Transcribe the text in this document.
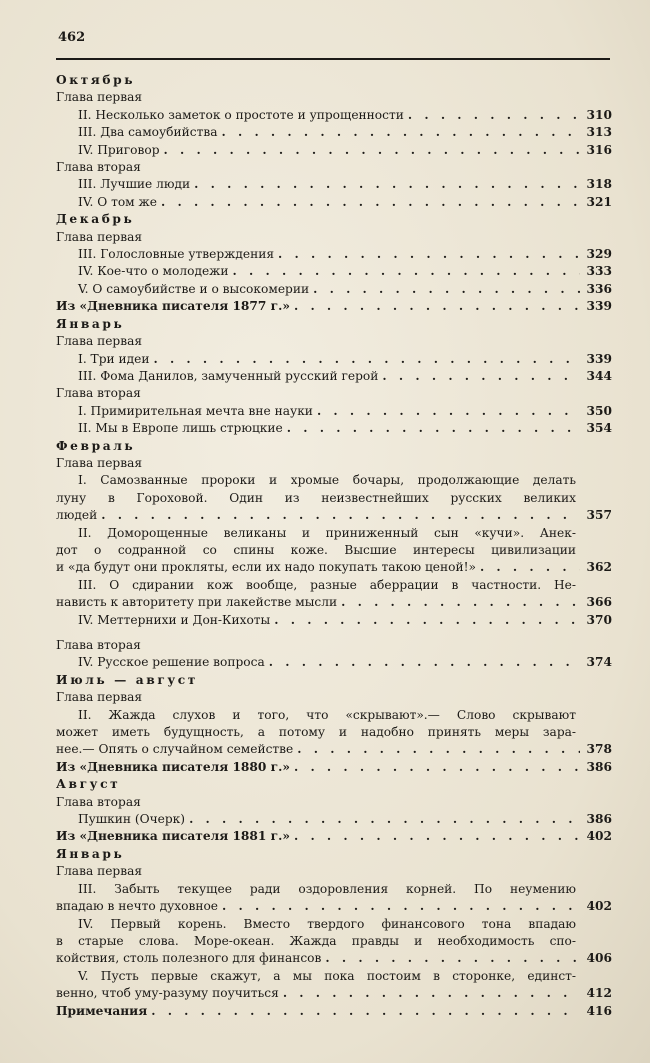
462
Октябрь
Глава первая
II. Несколько заметок о простоте и упрощенности . . .	310
III. Два самоубийства . . .	313
IV. Приговор . . .	316
Глава вторая
III. Лучшие люди . . .	318
IV. О том же . . .	321
Декабрь
Глава первая
III. Голословные утверждения . . .	329
IV. Кое-что о молодежи . . .	333
V. О самоубийстве и о высокомерии . . .	336
Из «Дневника писателя 1877 г.» . . .	339
Январь
Глава первая
I. Три идеи . . .	339
III. Фома Данилов, замученный русский герой . . .	344
Глава вторая
I. Примирительная мечта вне науки . . .	350
II. Мы в Европе лишь стрюцкие . . .	354
Февраль
Глава первая
I. Самозванные пророки и хромые бочары, продолжающие делать
луну в Гороховой. Один из неизвестнейших русских великих
людей . . .	357
II. Доморощенные великаны и приниженный сын «кучи». Анек-
дот о содранной со спины коже. Высшие интересы цивилизации
и «да будут они прокляты, если их надо покупать такою ценой!» . . .	362
III. О сдирании кож вообще, разные аберрации в частности. Не-
нависть к авторитету при лакействе мысли . . .	366
IV. Меттернихи и Дон-Кихоты . . .	370
Глава вторая
IV. Русское решение вопроса . . .	374
Июль — август
Глава первая
II. Жажда слухов и того, что «скрывают».— Слово скрывают
может иметь будущность, а потому и надобно принять меры зара-
нее.— Опять о случайном семействе . . .	378
Из «Дневника писателя 1880 г.» . . .	386
Август
Глава вторая
Пушкин (Очерк) . . .	386
Из «Дневника писателя 1881 г.» . . .	402
Январь
Глава первая
III. Забыть текущее ради оздоровления корней. По неумению
впадаю в нечто духовное . . .	402
IV. Первый корень. Вместо твердого финансового тона впадаю
в старые слова. Море-океан. Жажда правды и необходимость спо-
койствия, столь полезного для финансов . . .	406
V. Пусть первые скажут, а мы пока постоим в сторонке, единст-
венно, чтоб уму-разуму поучиться . . .	412
Примечания . . .	416
